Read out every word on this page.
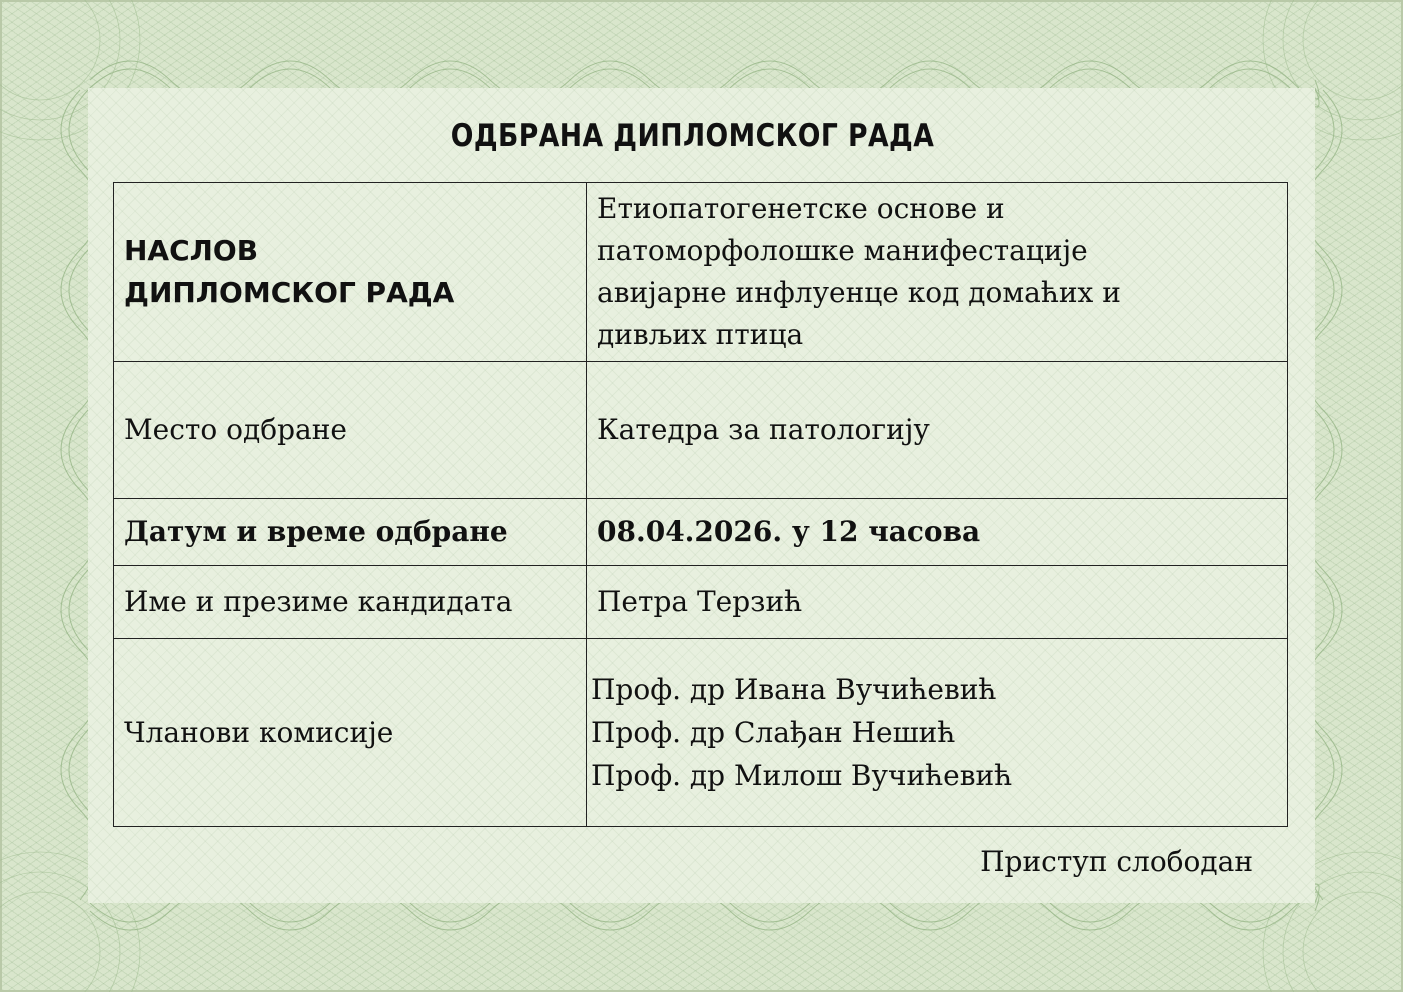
ОДБРАНА ДИПЛОМСКОГ РАДА
НАСЛОВ
ДИПЛОМСКОГ РАДА	Етиопатогенетске основе и
патоморфолошке манифестације
авијарне инфлуенце код домаћих и
дивљих птица

Место одбране	Катедра за патологију
Датум и време одбране	08.04.2026. у 12 часова
Име и презиме кандидата	Петра Терзић
Чланови комисије	Проф. др Ивана Вучићевић
Проф. др Слађан Нешић
Проф. др Милош Вучићевић
Приступ слободан
